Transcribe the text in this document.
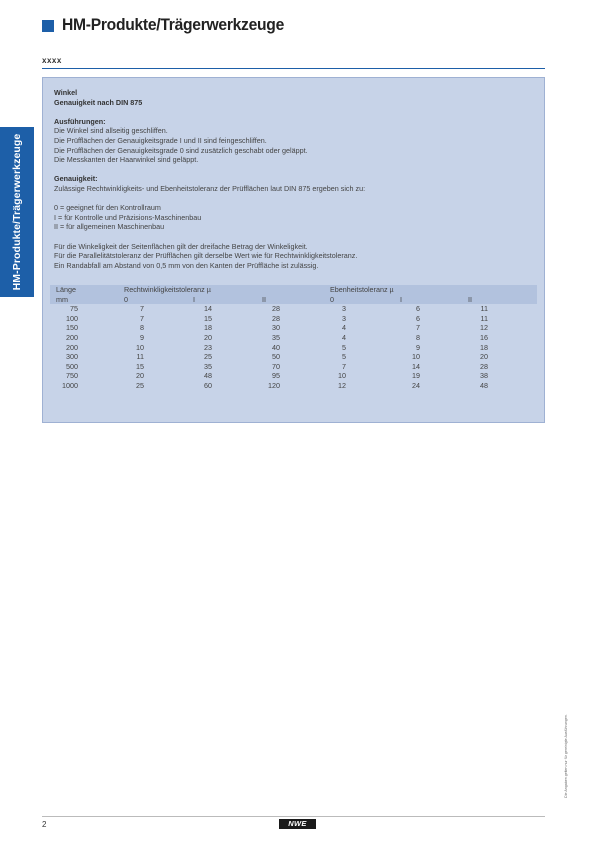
HM-Produkte/Trägerwerkzeuge
xxxx
HM-Produkte/Trägerwerkzeuge
Winkel
Genauigkeit nach DIN 875
Ausführungen:
Die Winkel sind allseitig geschliffen.
Die Prüfflächen der Genauigkeitsgrade I und II sind feingeschliffen.
Die Prüfflächen der Genauigkeitsgrade 0 sind zusätzlich geschabt oder geläppt.
Die Messkanten der Haarwinkel sind geläppt.
Genauigkeit:
Zulässige Rechtwinkligkeits- und Ebenheitstoleranz der Prüfflächen laut DIN 875 ergeben sich zu:
0 = geeignet für den Kontrollraum
I = für Kontrolle und Präzisions-Maschinenbau
II = für allgemeinen Maschinenbau
Für die Winkeligkeit der Seitenflächen gilt der dreifache Betrag der Winkeligkeit.
Für die Parallelitätstoleranz der Prüfflächen gilt derselbe Wert wie für Rechtwinkligkeitstoleranz.
Ein Randabfall am Abstand von 0,5 mm von den Kanten der Prüffläche ist zulässig.
Länge	Rechtwinkligkeitstoleranz µ	Ebenheitstoleranz µ
mm	0	I	II	0	I	II
75	7	14	28	3	6	11
100	7	15	28	3	6	11
150	8	18	30	4	7	12
200	9	20	35	4	8	16
200	10	23	40	5	9	18
300	11	25	50	5	10	20
500	15	35	70	7	14	28
750	20	48	95	10	19	38
1000	25	60	120	12	24	48
2	NWE
Die Angaben gelten nur für gereinigte Ausführungen.
